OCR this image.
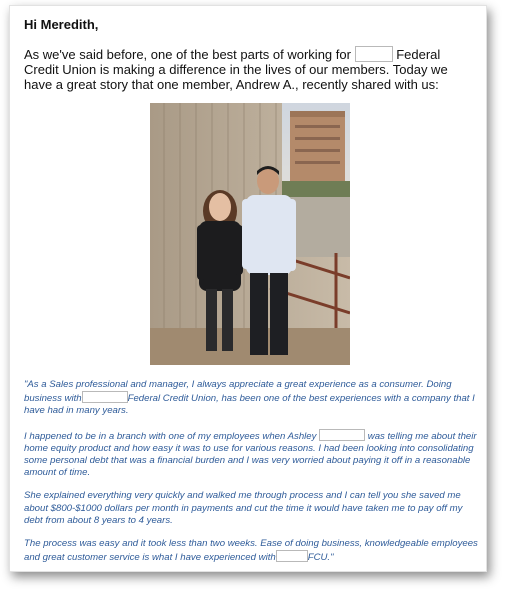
Hi Meredith,
As we've said before, one of the best parts of working for	Federal Credit Union is making a difference in the lives of our members. Today we have a great story that one member, Andrew A., recently shared with us:

"As a Sales professional and manager, I always appreciate a great experience as a consumer. Doing business with	Federal Credit Union, has been one of the best experiences with a company that I have had in many years.

I happened to be in a branch with one of my employees when Ashley	was telling me about their home equity product and how easy it was to use for various reasons. I had been looking into consolidating some personal debt that was a financial burden and I was very worried about paying it off in a reasonable amount of time.

She explained everything very quickly and walked me through process and I can tell you she saved me about $800-$1000 dollars per month in payments and cut the time it would have taken me to pay off my debt from about 8 years to 4 years.

The process was easy and it took less than two weeks. Ease of doing business, knowledgeable employees and great customer service is what I have experienced with	FCU."
